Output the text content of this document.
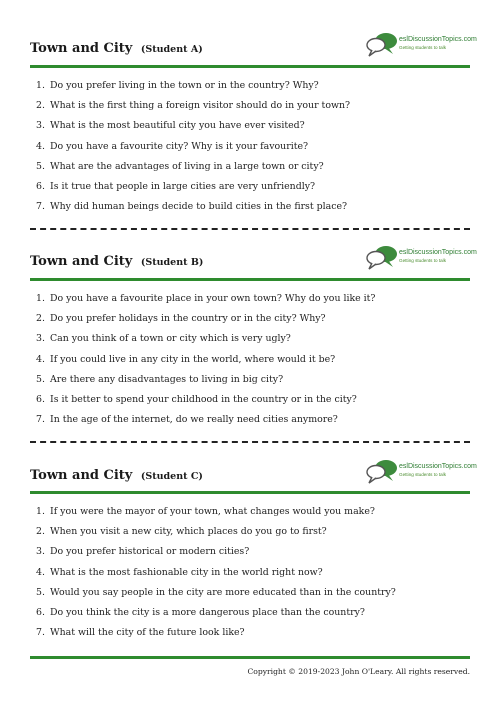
Town and City (Student A)
eslDiscussionTopics.com
Getting students to talk
1. Do you prefer living in the town or in the country? Why?
2. What is the first thing a foreign visitor should do in your town?
3. What is the most beautiful city you have ever visited?
4. Do you have a favourite city? Why is it your favourite?
5. What are the advantages of living in a large town or city?
6. Is it true that people in large cities are very unfriendly?
7. Why did human beings decide to build cities in the first place?
Town and City (Student B)
eslDiscussionTopics.com
Getting students to talk
1. Do you have a favourite place in your own town? Why do you like it?
2. Do you prefer holidays in the country or in the city? Why?
3. Can you think of a town or city which is very ugly?
4. If you could live in any city in the world, where would it be?
5. Are there any disadvantages to living in big city?
6. Is it better to spend your childhood in the country or in the city?
7. In the age of the internet, do we really need cities anymore?
Town and City (Student C)
eslDiscussionTopics.com
Getting students to talk
1. If you were the mayor of your town, what changes would you make?
2. When you visit a new city, which places do you go to first?
3. Do you prefer historical or modern cities?
4. What is the most fashionable city in the world right now?
5. Would you say people in the city are more educated than in the country?
6. Do you think the city is a more dangerous place than the country?
7. What will the city of the future look like?
Copyright © 2019-2023 John O'Leary. All rights reserved.
